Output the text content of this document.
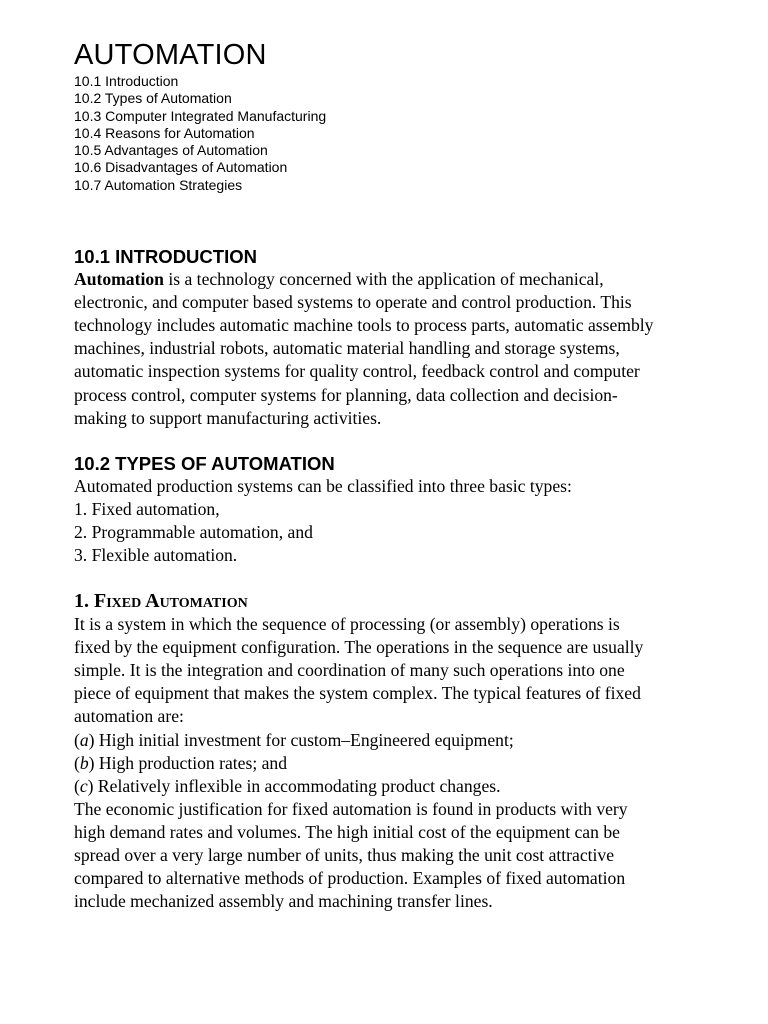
AUTOMATION
10.1 Introduction
10.2 Types of Automation
10.3 Computer Integrated Manufacturing
10.4 Reasons for Automation
10.5 Advantages of Automation
10.6 Disadvantages of Automation
10.7 Automation Strategies
10.1 INTRODUCTION
Automation is a technology concerned with the application of mechanical,
electronic, and computer based systems to operate and control production. This
technology includes automatic machine tools to process parts, automatic assembly
machines, industrial robots, automatic material handling and storage systems,
automatic inspection systems for quality control, feedback control and computer
process control, computer systems for planning, data collection and decision-
making to support manufacturing activities.
10.2 TYPES OF AUTOMATION

Automated production systems can be classified into three basic types:

1. Fixed automation,
2. Programmable automation, and
3. Flexible automation.
1. Fixed Automation
It is a system in which the sequence of processing (or assembly) operations is
fixed by the equipment configuration. The operations in the sequence are usually
simple. It is the integration and coordination of many such operations into one
piece of equipment that makes the system complex. The typical features of fixed
automation are:
(a) High initial investment for custom–Engineered equipment;
(b) High production rates; and
(c) Relatively inflexible in accommodating product changes.
The economic justification for fixed automation is found in products with very
high demand rates and volumes. The high initial cost of the equipment can be
spread over a very large number of units, thus making the unit cost attractive
compared to alternative methods of production. Examples of fixed automation
include mechanized assembly and machining transfer lines.
